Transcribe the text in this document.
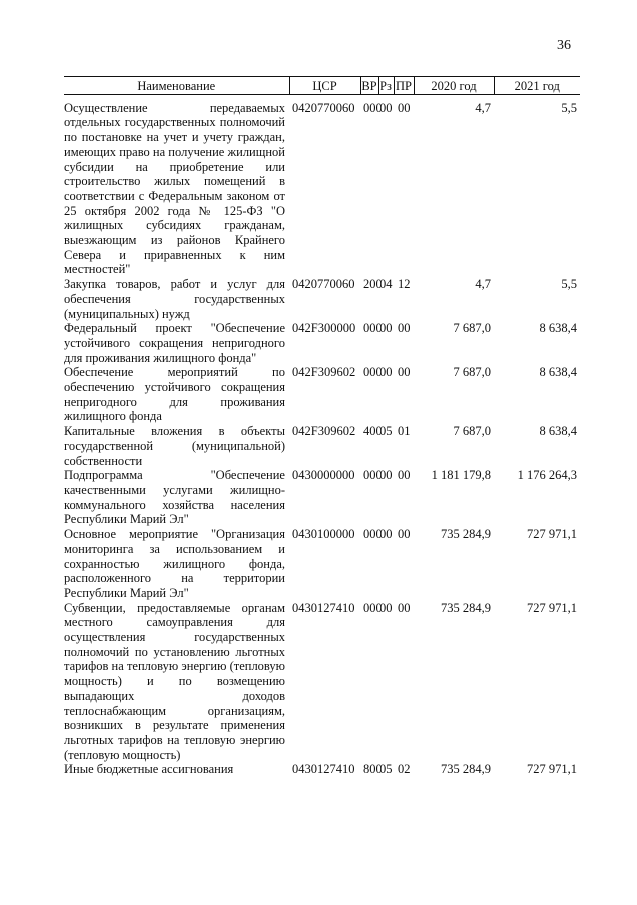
36
Наименование	ЦСР	ВР	Рз	ПР	2020 год	2021 год
Осуществление передаваемых отдельных государственных полномочий по постановке на учет и учету граждан, имеющих право на получение жилищной субсидии на приобретение или строительство жилых помещений в соответствии с Федеральным законом от 25 октября 2002 года № 125-ФЗ "О жилищных субсидиях гражданам, выезжающим из районов Крайнего Севера и приравненных к ним местностей"	0420770060	000	00	00	4,7	5,5
Закупка товаров, работ и услуг для обеспечения государственных (муниципальных) нужд	0420770060	200	04	12	4,7	5,5
Федеральный проект "Обеспечение устойчивого сокращения непригодного для проживания жилищного фонда"	042F300000	000	00	00	7 687,0	8 638,4
Обеспечение мероприятий по обеспечению устойчивого сокращения непригодного для проживания жилищного фонда	042F309602	000	00	00	7 687,0	8 638,4
Капитальные вложения в объекты государственной (муниципальной) собственности	042F309602	400	05	01	7 687,0	8 638,4
Подпрограмма "Обеспечение качественными услугами жилищно-коммунального хозяйства населения Республики Марий Эл"	0430000000	000	00	00	1 181 179,8	1 176 264,3
Основное мероприятие "Организация мониторинга за использованием и сохранностью жилищного фонда, расположенного на территории Республики Марий Эл"	0430100000	000	00	00	735 284,9	727 971,1
Субвенции, предоставляемые органам местного самоуправления для осуществления государственных полномочий по установлению льготных тарифов на тепловую энергию (тепловую мощность) и по возмещению выпадающих доходов теплоснабжающим организациям, возникших в результате применения льготных тарифов на тепловую энергию (тепловую мощность)	0430127410	000	00	00	735 284,9	727 971,1
Иные бюджетные ассигнования	0430127410	800	05	02	735 284,9	727 971,1
